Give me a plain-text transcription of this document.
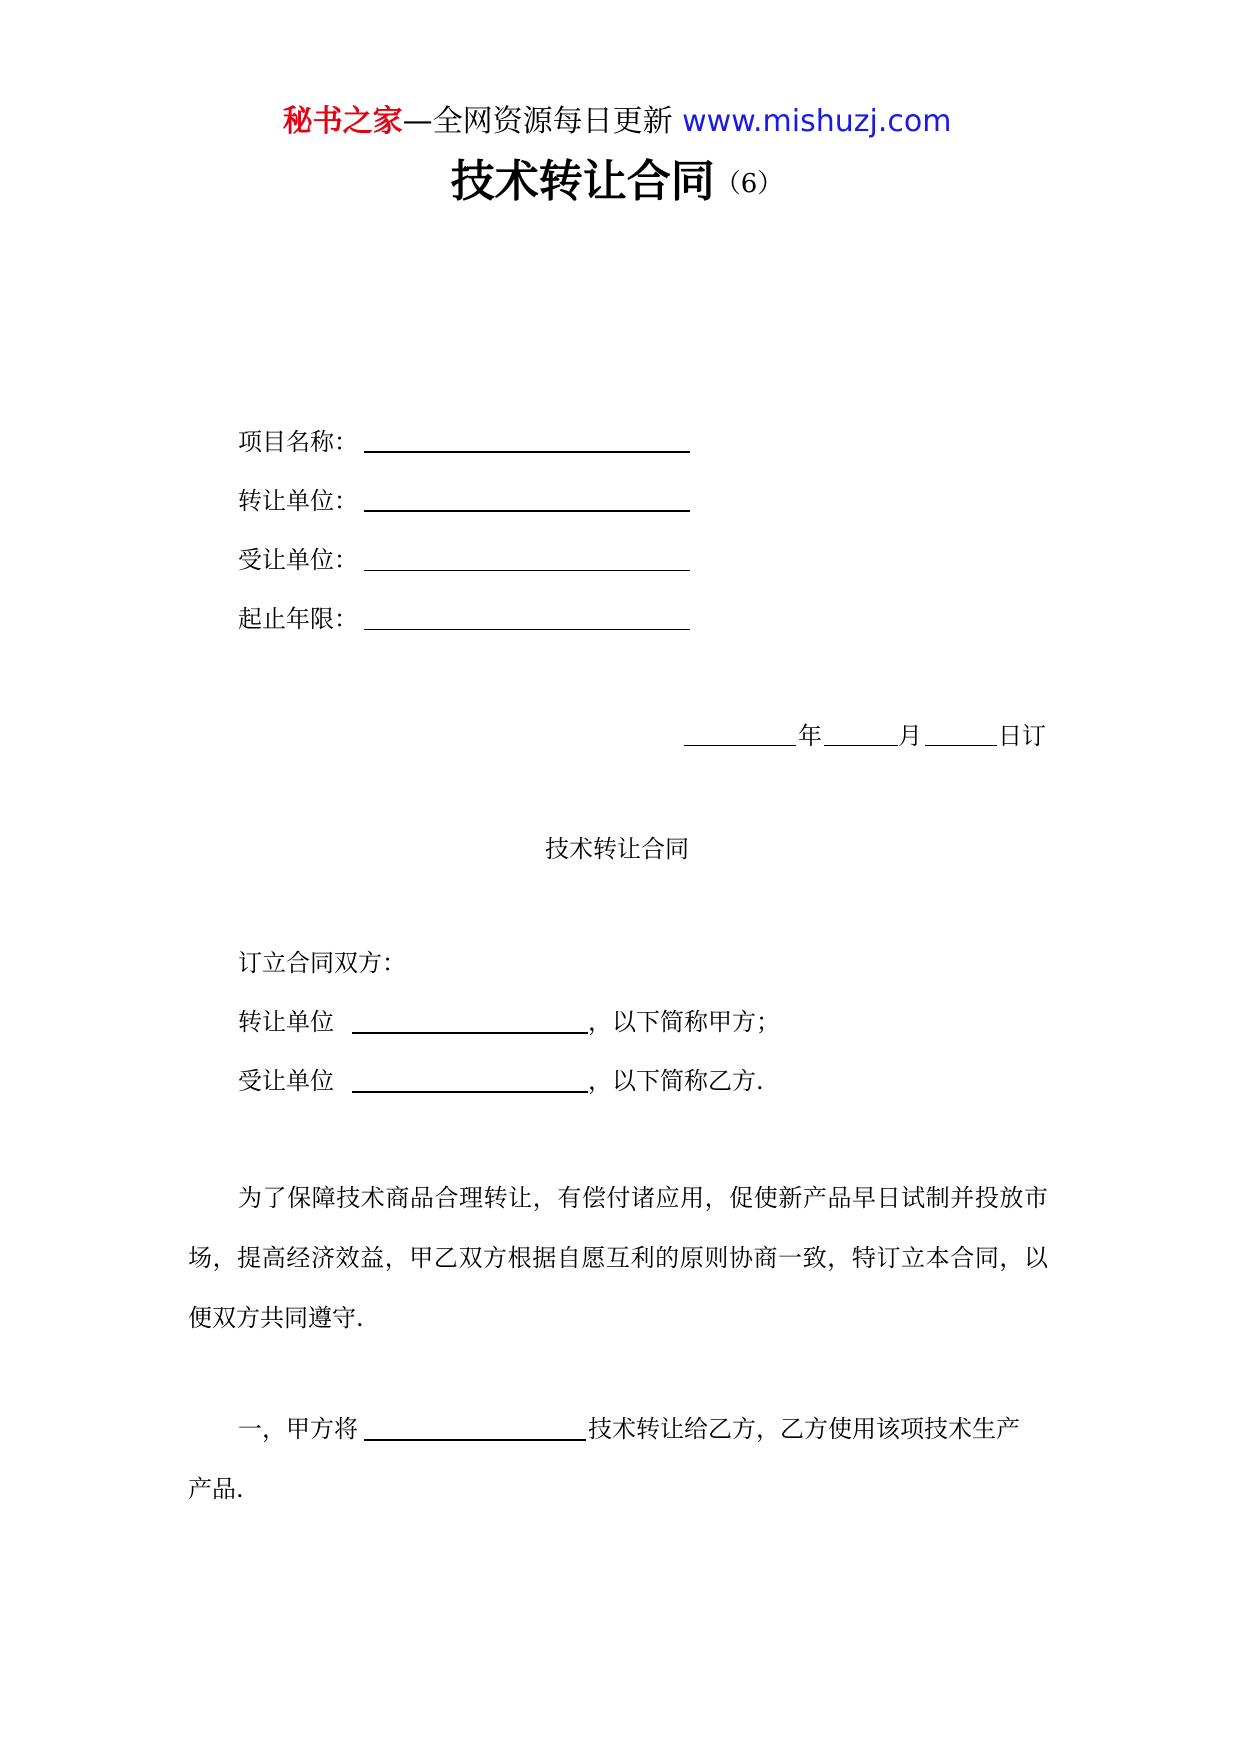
秘书之家—全网资源每日更新 www.mishuzj.com
技术转让合同（6）
项目名称：
转让单位：
受让单位：
起止年限：
年	月	日订
技术转让合同
订立合同双方：
转让单位	，以下简称甲方；
受让单位	，以下简称乙方.
为了保障技术商品合理转让，有偿付诸应用，促使新产品早日试制并投放市场，提高经济效益，甲乙双方根据自愿互利的原则协商一致，特订立本合同，以便双方共同遵守.
一，甲方将	技术转让给乙方，乙方使用该项技术生产
产品.
